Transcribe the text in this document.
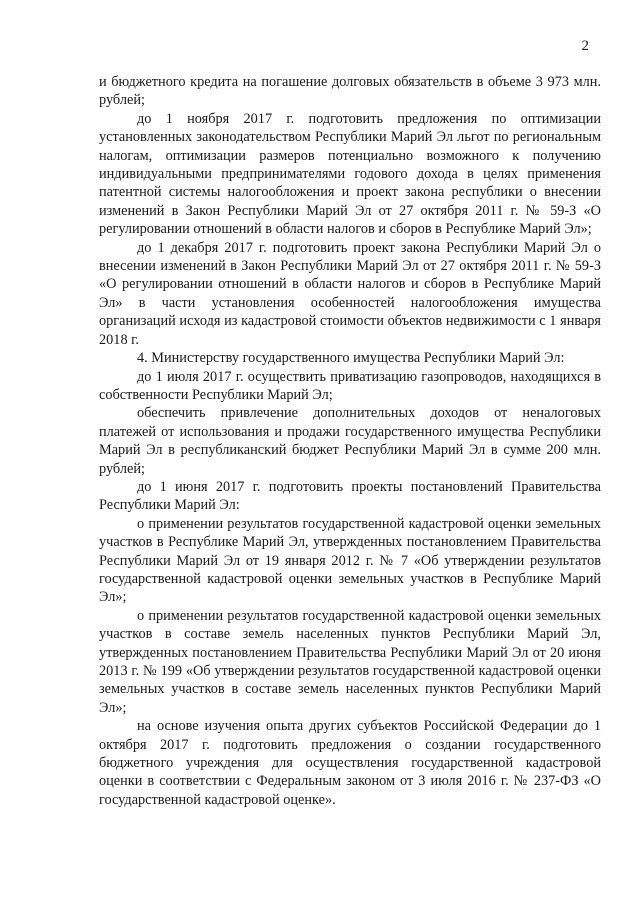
2

и бюджетного кредита на погашение долговых обязательств в объеме 3 973 млн. рублей;

до 1 ноября 2017 г. подготовить предложения по оптимизации установленных законодательством Республики Марий Эл льгот по региональным налогам, оптимизации размеров потенциально возможного к получению индивидуальными предпринимателями годового дохода в целях применения патентной системы налогообложения и проект закона республики о внесении изменений в Закон Республики Марий Эл от 27 октября 2011 г. № 59-З «О регулировании отношений в области налогов и сборов в Республике Марий Эл»;

до 1 декабря 2017 г. подготовить проект закона Республики Марий Эл о внесении изменений в Закон Республики Марий Эл от 27 октября 2011 г. № 59-З «О регулировании отношений в области налогов и сборов в Республике Марий Эл» в части установления особенностей налогообложения имущества организаций исходя из кадастровой стоимости объектов недвижимости с 1 января 2018 г.

4. Министерству государственного имущества Республики Марий Эл:

до 1 июля 2017 г. осуществить приватизацию газопроводов, находящихся в собственности Республики Марий Эл;

обеспечить привлечение дополнительных доходов от неналоговых платежей от использования и продажи государственного имущества Республики Марий Эл в республиканский бюджет Республики Марий Эл в сумме 200 млн. рублей;

до 1 июня 2017 г. подготовить проекты постановлений Правительства Республики Марий Эл:

о применении результатов государственной кадастровой оценки земельных участков в Республике Марий Эл, утвержденных постановлением Правительства Республики Марий Эл от 19 января 2012 г. № 7 «Об утверждении результатов государственной кадастровой оценки земельных участков в Республике Марий Эл»;

о применении результатов государственной кадастровой оценки земельных участков в составе земель населенных пунктов Республики Марий Эл, утвержденных постановлением Правительства Республики Марий Эл от 20 июня 2013 г. № 199 «Об утверждении результатов государственной кадастровой оценки земельных участков в составе земель населенных пунктов Республики Марий Эл»;

на основе изучения опыта других субъектов Российской Федерации до 1 октября 2017 г. подготовить предложения о создании государственного бюджетного учреждения для осуществления государственной кадастровой оценки в соответствии с Федеральным законом от 3 июля 2016 г. № 237-ФЗ «О государственной кадастровой оценке».
